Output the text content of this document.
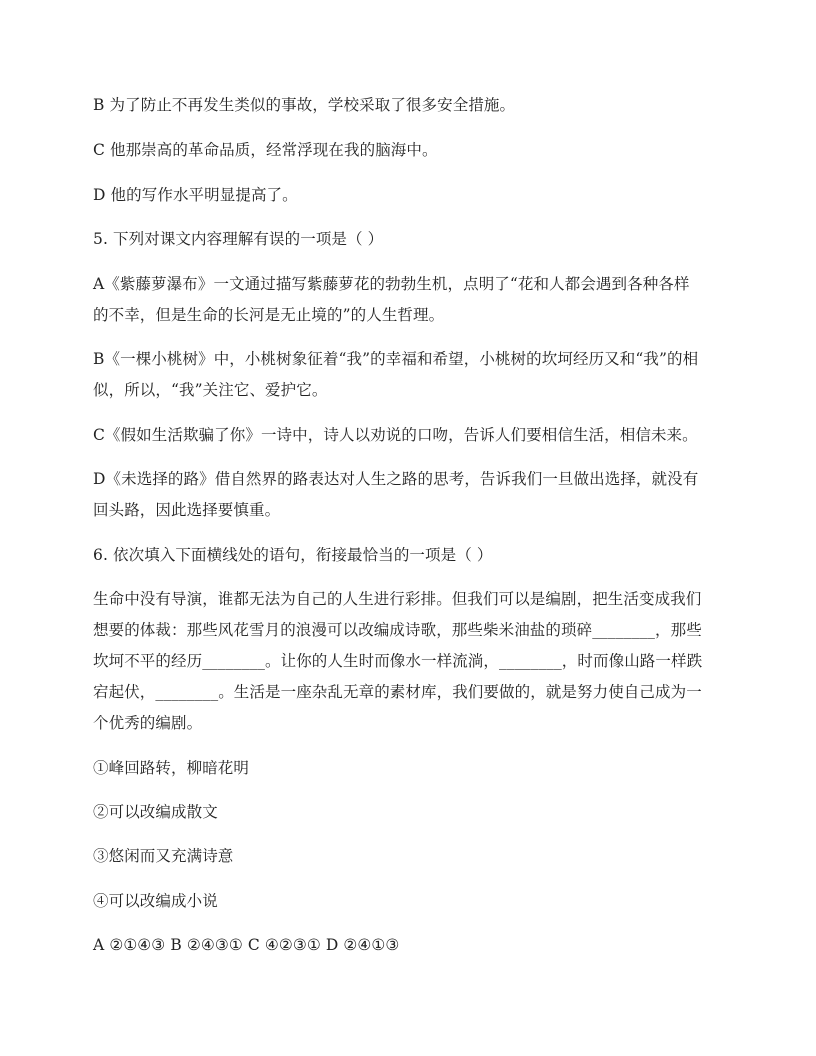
B 为了防止不再发生类似的事故，学校采取了很多安全措施。
C 他那崇高的革命品质，经常浮现在我的脑海中。
D 他的写作水平明显提高了。
5. 下列对课文内容理解有误的一项是（ ）
A《紫藤萝瀑布》一文通过描写紫藤萝花的勃勃生机，点明了“花和人都会遇到各种各样
的不幸，但是生命的长河是无止境的”的人生哲理。
B《一棵小桃树》中，小桃树象征着“我”的幸福和希望，小桃树的坎坷经历又和“我”的相
似，所以，“我”关注它、爱护它。
C《假如生活欺骗了你》一诗中，诗人以劝说的口吻，告诉人们要相信生活，相信未来。
D《未选择的路》借自然界的路表达对人生之路的思考，告诉我们一旦做出选择，就没有
回头路，因此选择要慎重。
6. 依次填入下面横线处的语句，衔接最恰当的一项是（ ）
生命中没有导演，谁都无法为自己的人生进行彩排。但我们可以是编剧，把生活变成我们
想要的体裁：那些风花雪月的浪漫可以改编成诗歌，那些柴米油盐的琐碎________，那些
坎坷不平的经历________。让你的人生时而像水一样流淌，________，时而像山路一样跌
宕起伏，________。生活是一座杂乱无章的素材库，我们要做的，就是努力使自己成为一
个优秀的编剧。
①峰回路转，柳暗花明
②可以改编成散文
③悠闲而又充满诗意
④可以改编成小说
A ②①④③ B ②④③① C ④②③① D ②④①③
